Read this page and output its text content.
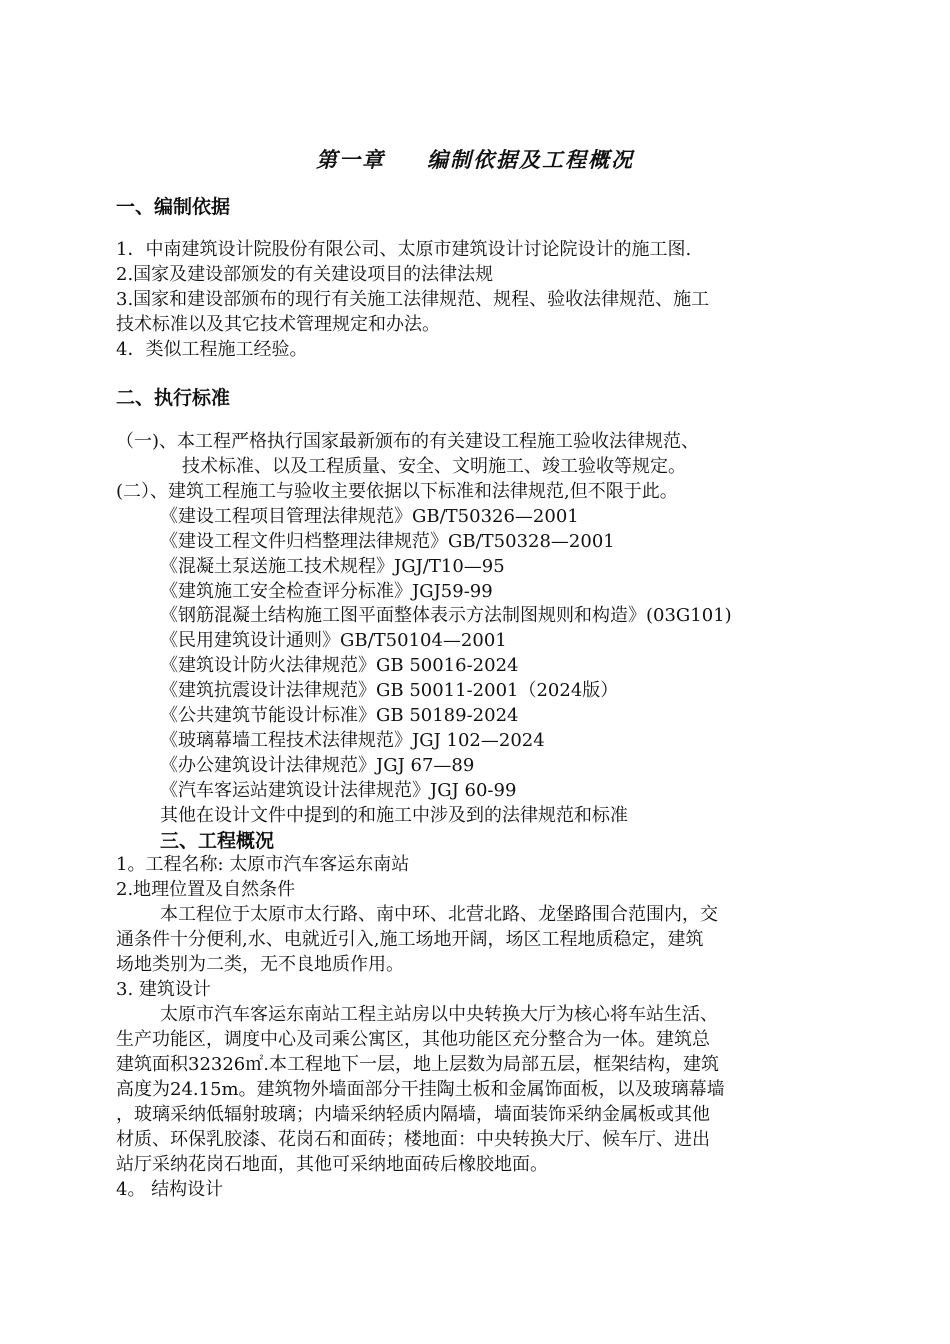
第一章 编制依据及工程概况
一、编制依据
1．中南建筑设计院股份有限公司、太原市建筑设计讨论院设计的施工图.
2.国家及建设部颁发的有关建设项目的法律法规
3.国家和建设部颁布的现行有关施工法律规范、规程、验收法律规范、施工
技术标准以及其它技术管理规定和办法。
4．类似工程施工经验。
二、执行标准
（一)、本工程严格执行国家最新颁布的有关建设工程施工验收法律规范、
技术标准、以及工程质量、安全、文明施工、竣工验收等规定。
(二）、建筑工程施工与验收主要依据以下标准和法律规范,但不限于此。
《建设工程项目管理法律规范》GB/T50326—2001
《建设工程文件归档整理法律规范》GB/T50328—2001
《混凝土泵送施工技术规程》JGJ/T10—95
《建筑施工安全检查评分标准》JGJ59-99
《钢筋混凝土结构施工图平面整体表示方法制图规则和构造》(03G101)
《民用建筑设计通则》GB/T50104—2001
《建筑设计防火法律规范》GB 50016-2024
《建筑抗震设计法律规范》GB 50011-2001（2024版）
《公共建筑节能设计标准》GB 50189-2024
《玻璃幕墙工程技术法律规范》JGJ 102—2024
《办公建筑设计法律规范》JGJ 67—89
《汽车客运站建筑设计法律规范》JGJ 60-99
其他在设计文件中提到的和施工中涉及到的法律规范和标准
三、工程概况
1。工程名称: 太原市汽车客运东南站
2.地理位置及自然条件
本工程位于太原市太行路、南中环、北营北路、龙堡路围合范围内，交
通条件十分便利,水、电就近引入,施工场地开阔，场区工程地质稳定，建筑
场地类别为二类，无不良地质作用。
3. 建筑设计
太原市汽车客运东南站工程主站房以中央转换大厅为核心将车站生活、
生产功能区，调度中心及司乘公寓区，其他功能区充分整合为一体。建筑总
建筑面积32326㎡.本工程地下一层，地上层数为局部五层，框架结构，建筑
高度为24.15m。建筑物外墙面部分干挂陶土板和金属饰面板，以及玻璃幕墙
，玻璃采纳低辐射玻璃；内墙采纳轻质内隔墙，墙面装饰采纳金属板或其他
材质、环保乳胶漆、花岗石和面砖；楼地面：中央转换大厅、候车厅、进出
站厅采纳花岗石地面，其他可采纳地面砖后橡胶地面。
4。 结构设计
